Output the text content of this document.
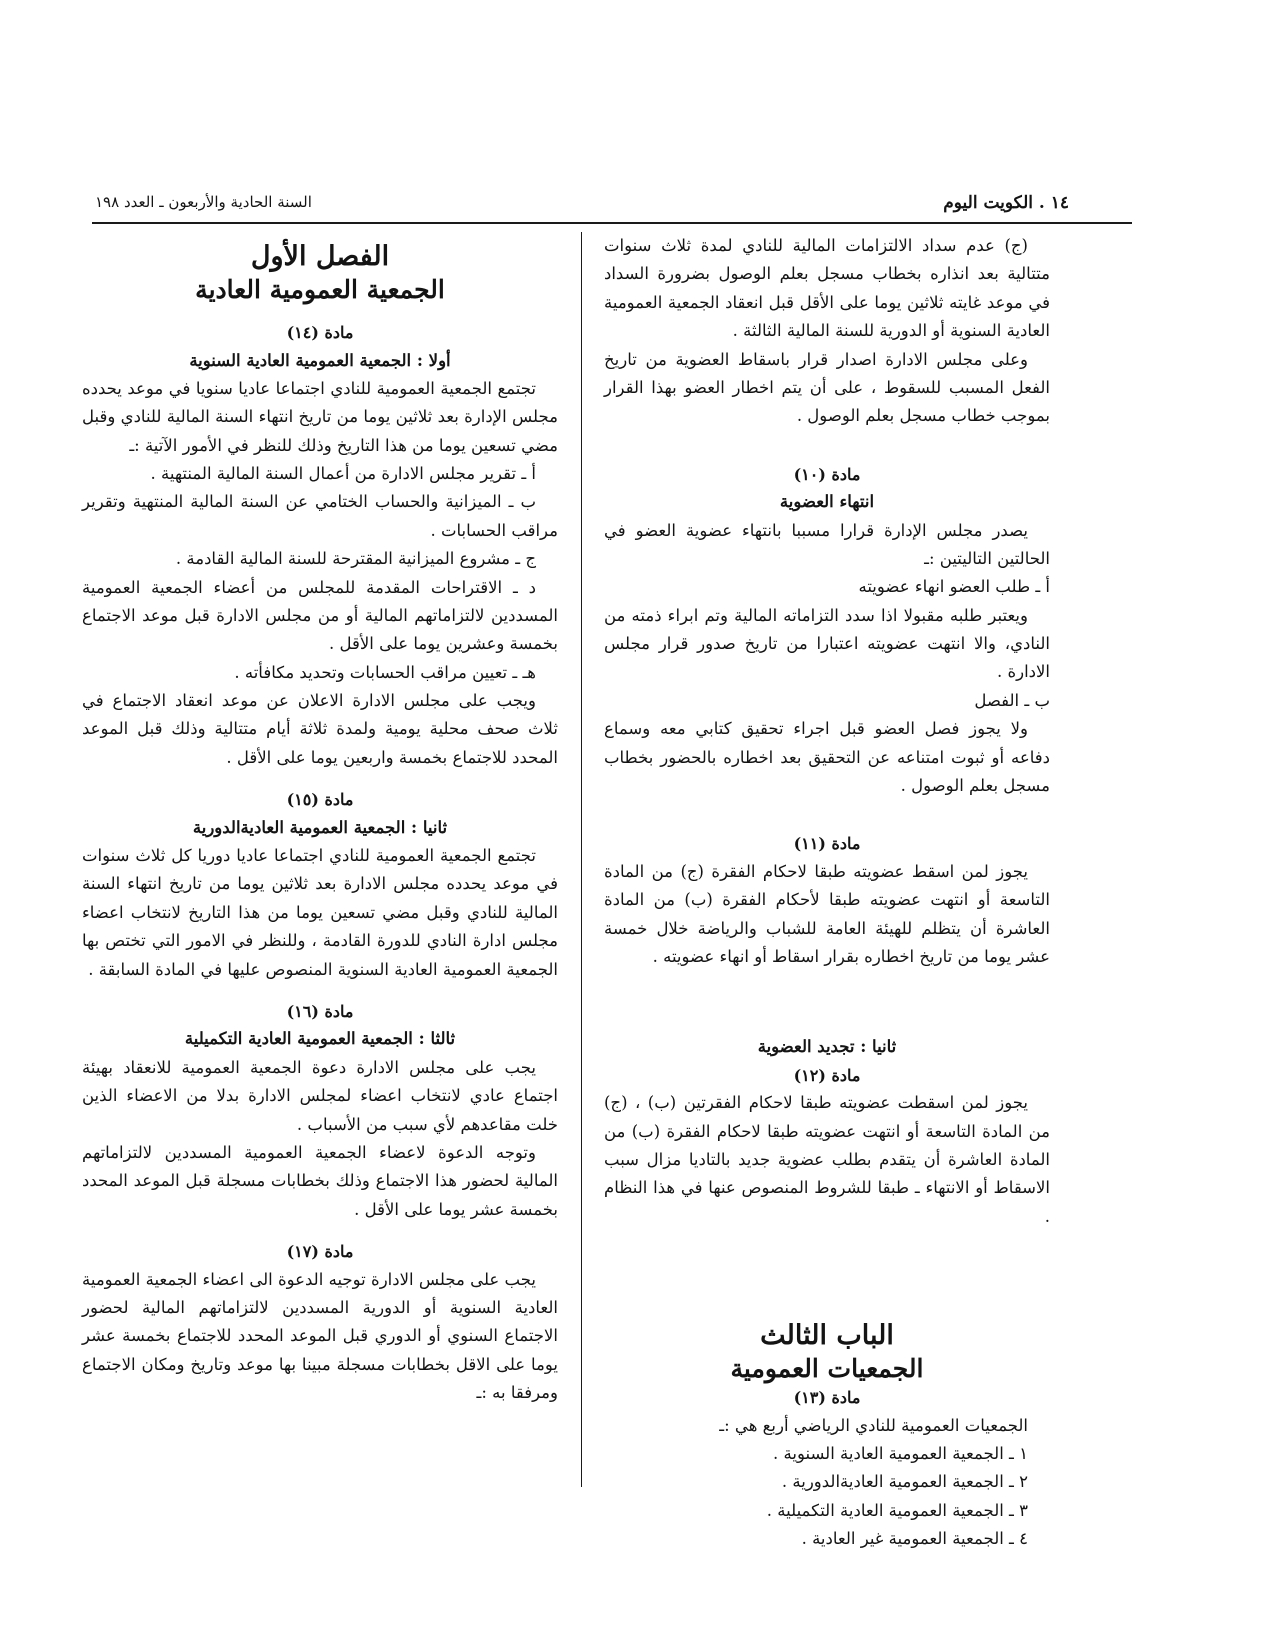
١٤ . الكويت اليوم
السنة الحادية والأربعون ـ العدد ١٩٨

(ج) عدم سداد الالتزامات المالية للنادي لمدة ثلاث سنوات متتالية بعد انذاره بخطاب مسجل بعلم الوصول بضرورة السداد في موعد غايته ثلاثين يوما على الأقل قبل انعقاد الجمعية العمومية العادية السنوية أو الدورية للسنة المالية الثالثة .

وعلى مجلس الادارة اصدار قرار باسقاط العضوية من تاريخ الفعل المسبب للسقوط ، على أن يتم اخطار العضو بهذا القرار بموجب خطاب مسجل بعلم الوصول .

مادة (١٠)

انتهاء العضوية

يصدر مجلس الإدارة قرارا مسببا بانتهاء عضوية العضو في الحالتين التاليتين :ـ

أ ـ طلب العضو انهاء عضويته

ويعتبر طلبه مقبولا اذا سدد التزاماته المالية وتم ابراء ذمته من النادي، والا انتهت عضويته اعتبارا من تاريخ صدور قرار مجلس الادارة .

ب ـ الفصل

ولا يجوز فصل العضو قبل اجراء تحقيق كتابي معه وسماع دفاعه أو ثبوت امتناعه عن التحقيق بعد اخطاره بالحضور بخطاب مسجل بعلم الوصول .

مادة (١١)

يجوز لمن اسقط عضويته طبقا لاحكام الفقرة (ج) من المادة التاسعة أو انتهت عضويته طبقا لأحكام الفقرة (ب) من المادة العاشرة أن يتظلم للهيئة العامة للشباب والرياضة خلال خمسة عشر يوما من تاريخ اخطاره بقرار اسقاط أو انهاء عضويته .

ثانيا : تجديد العضوية

مادة (١٢)

يجوز لمن اسقطت عضويته طبقا لاحكام الفقرتين (ب) ، (ج) من المادة التاسعة أو انتهت عضويته طبقا لاحكام الفقرة (ب) من المادة العاشرة أن يتقدم بطلب عضوية جديد بالتاديا مزال سبب الاسقاط أو الانتهاء ـ طبقا للشروط المنصوص عنها في هذا النظام .

الباب الثالث

الجمعيات العمومية

مادة (١٣)

الجمعيات العمومية للنادي الرياضي أربع هي :ـ

١ ـ الجمعية العمومية العادية السنوية .

٢ ـ الجمعية العمومية العاديةالدورية .

٣ ـ الجمعية العمومية العادية التكميلية .

٤ ـ الجمعية العمومية غير العادية .

الفصل الأول

الجمعية العمومية العادية

مادة (١٤)

أولا : الجمعية العمومية العادية السنوية

تجتمع الجمعية العمومية للنادي اجتماعا عاديا سنويا في موعد يحدده مجلس الإدارة بعد ثلاثين يوما من تاريخ انتهاء السنة المالية للنادي وقبل مضي تسعين يوما من هذا التاريخ وذلك للنظر في الأمور الآتية :ـ

أ ـ تقرير مجلس الادارة من أعمال السنة المالية المنتهية .

ب ـ الميزانية والحساب الختامي عن السنة المالية المنتهية وتقرير مراقب الحسابات .

ج ـ مشروع الميزانية المقترحة للسنة المالية القادمة .

د ـ الاقتراحات المقدمة للمجلس من أعضاء الجمعية العمومية المسددين لالتزاماتهم المالية أو من مجلس الادارة قبل موعد الاجتماع بخمسة وعشرين يوما على الأقل .

هـ ـ تعيين مراقب الحسابات وتحديد مكافأته .

ويجب على مجلس الادارة الاعلان عن موعد انعقاد الاجتماع في ثلاث صحف محلية يومية ولمدة ثلاثة أيام متتالية وذلك قبل الموعد المحدد للاجتماع بخمسة واربعين يوما على الأقل .

مادة (١٥)

ثانيا : الجمعية العمومية العاديةالدورية

تجتمع الجمعية العمومية للنادي اجتماعا عاديا دوريا كل ثلاث سنوات في موعد يحدده مجلس الادارة بعد ثلاثين يوما من تاريخ انتهاء السنة المالية للنادي وقبل مضي تسعين يوما من هذا التاريخ لانتخاب اعضاء مجلس ادارة النادي للدورة القادمة ، وللنظر في الامور التي تختص بها الجمعية العمومية العادية السنوية المنصوص عليها في المادة السابقة .

مادة (١٦)

ثالثا : الجمعية العمومية العادية التكميلية

يجب على مجلس الادارة دعوة الجمعية العمومية للانعقاد بهيئة اجتماع عادي لانتخاب اعضاء لمجلس الادارة بدلا من الاعضاء الذين خلت مقاعدهم لأي سبب من الأسباب .

وتوجه الدعوة لاعضاء الجمعية العمومية المسددين لالتزاماتهم المالية لحضور هذا الاجتماع وذلك بخطابات مسجلة قبل الموعد المحدد بخمسة عشر يوما على الأقل .

مادة (١٧)

يجب على مجلس الادارة توجيه الدعوة الى اعضاء الجمعية العمومية العادية السنوية أو الدورية المسددين لالتزاماتهم المالية لحضور الاجتماع السنوي أو الدوري قبل الموعد المحدد للاجتماع بخمسة عشر يوما على الاقل بخطابات مسجلة مبينا بها موعد وتاريخ ومكان الاجتماع ومرفقا به :ـ
